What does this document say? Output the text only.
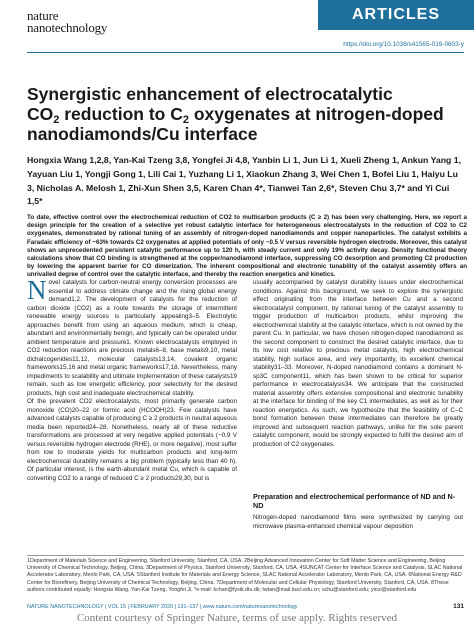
nature nanotechnology
ARTICLES
https://doi.org/10.1038/s41565-019-0603-y
Synergistic enhancement of electrocatalytic
$CO_2$ reduction to $C_2$ oxygenates at nitrogen-doped
nanodiamonds/Cu interface
Hongxia Wang 1,2,8, Yan-Kai Tzeng 3,8, Yongfei Ji 4,8, Yanbin Li 1, Jun Li 1, Xueli Zheng 1, Ankun Yang 1, Yayuan Liu 1, Yongji Gong 1, Lili Cai 1, Yuzhang Li 1, Xiaokun Zhang 3, Wei Chen 1, Bofei Liu 1, Haiyu Lu 3, Nicholas A. Melosh 1, Zhi-Xun Shen 3,5, Karen Chan 4*, Tianwei Tan 2,6*, Steven Chu 3,7* and Yi Cui 1,5*

To date, effective control over the electrochemical reduction of CO2 to multicarbon products (C ≥ 2) has been very challenging. Here, we report a design principle for the creation of a selective yet robust catalytic interface for heterogeneous electrocatalysts in the reduction of CO2 to C2 oxygenates, demonstrated by rational tuning of an assembly of nitrogen-doped nanodiamonds and copper nanoparticles. The catalyst exhibits a Faradaic efficiency of ~63% towards C2 oxygenates at applied potentials of only −0.5 V versus reversible hydrogen electrode. Moreover, this catalyst shows an unprecedented persistent catalytic performance up to 120 h, with steady current and only 19% activity decay. Density functional theory calculations show that CO binding is strengthened at the copper/nanodiamond interface, suppressing CO desorption and promoting C2 production by lowering the apparent barrier for CO dimerization. The inherent compositional and electronic tunability of the catalyst assembly offers an unrivalled degree of control over the catalytic interface, and thereby the reaction energetics and kinetics.

Novel catalysts for carbon-neutral energy conversion processes are essential to address climate change and the rising global energy demand1,2. The development of catalysts for the reduction of carbon dioxide (CO2) as a route towards the storage of intermittent renewable energy sources is particularly appealing3–5. Electrolytic approaches benefit from using an aqueous medium, which is cheap, abundant and environmentally benign, and typically can be operated under ambient temperature and pressure1. Known electrocatalysts employed in CO2 reduction reactions are precious metals6–8, base metals9,10, metal dichalcogenides11,12, molecular catalysts13,14, covalent organic frameworks15,16 and metal organic frameworks17,18. Nevertheless, many impediments to scalability and ultimate implementation of these catalysts19 remain, such as low energetic efficiency, poor selectivity for the desired products, high cost and inadequate electrochemical stability.
Of the prevalent CO2 electrocatalysts, most primarily generate carbon monoxide (CO)20–22 or formic acid (HCOOH)23. Few catalysts have advanced catalysts capable of producing C ≥ 2 products in neutral aqueous media been reported24–28. Nonetheless, nearly all of these reductive transformations are processed at very negative applied potentials (−0.9 V versus reversible hydrogen electrode (RHE), or more negative), most suffer from low to moderate yields for multicarbon products and long-term electrochemical durability remains a big problem (typically less than 40 h). Of particular interest, is the earth-abundant metal Cu, which is capable of converting CO2 to a range of reduced C ≥ 2 products29,30, but is
usually accompanied by catalyst durability issues under electrochemical conditions. Against this background, we seek to explore the synergistic effect originating from the interface between Cu and a second electrocatalyst component, by rational tuning of the catalyst assembly to trigger production of multicarbon products, whilst improving the electrochemical stability at the catalytic interface, which is not owned by the parent Cu. In particular, we have chosen nitrogen-doped nanodiamond as the second component to construct the desired catalytic interface, due to its low cost relative to precious metal catalysts, high electrochemical stability, high surface area, and very importantly, its excellent chemical stability31–33. Moreover, N-doped nanodiamond contains a dominant N-sp3C component11, which has been shown to be critical for superior performance in electrocatalysis34. We anticipate that the constructed material assembly offers extensive compositional and electronic tunability at the interface for binding of the key C1 intermediates, as well as for their reaction energetics. As such, we hypothesize that the feasibility of C–C bond formation between these intermediates can therefore be greatly improved and subsequent reaction pathways, unlike for the sole parent catalytic component, would be strongly expected to fulfil the desired aim of production of C2 oxygenates.
Preparation and electrochemical performance of ND and N-ND
Nitrogen-doped nanodiamond films were synthesized by carrying out microwave plasma-enhanced chemical vapour deposition
1Department of Materials Science and Engineering, Stanford University, Stanford, CA, USA. 2Beijing Advanced Innovation Center for Soft Matter Science and Engineering, Beijing University of Chemical Technology, Beijing, China. 3Department of Physics, Stanford University, Stanford, CA, USA. 4SUNCAT Center for Interface Science and Catalysis, SLAC National Accelerator Laboratory, Menlo Park, CA, USA. 5Stanford Institute for Materials and Energy Science, SLAC National Accelerator Laboratory, Menlo Park, CA, USA. 6National Energy R&D Center for Biorefinery, Beijing University of Chemical Technology, Beijing, China. 7Department of Molecular and Cellular Physiology, Stanford University, Stanford, CA, USA. 8These authors contributed equally: Hongxia Wang, Yan-Kai Tzeng, Yongfei Ji. *e-mail: kchan@fysik.dtu.dk; twtan@mail.buct.edu.cn; schu@stanford.edu; yicui@stanford.edu
NATURE NANOTECHNOLOGY | VOL 15 | FEBRUARY 2020 | 131–137 | www.nature.com/naturenanotechnology	131
Content courtesy of Springer Nature, terms of use apply. Rights reserved
